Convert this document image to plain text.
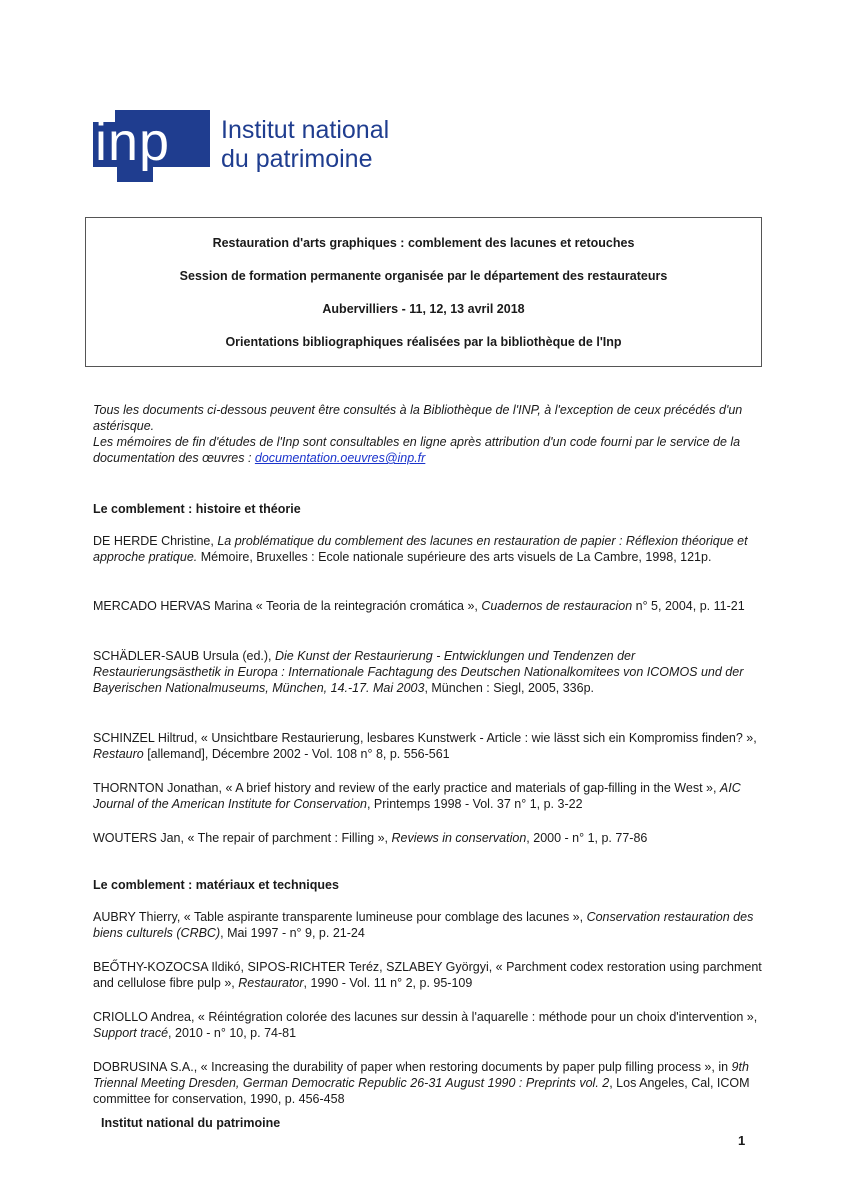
inp	Institut national
du patrimoine
Restauration d'arts graphiques : comblement des lacunes et retouches
Session de formation permanente organisée par le département des restaurateurs
Aubervilliers - 11, 12, 13 avril 2018
Orientations bibliographiques réalisées par la bibliothèque de l'Inp
Tous les documents ci-dessous peuvent être consultés à la Bibliothèque de l'INP, à l'exception de ceux précédés d'un astérisque.
Les mémoires de fin d'études de l'Inp sont consultables en ligne après attribution d'un code fourni par le service de la documentation des œuvres : documentation.oeuvres@inp.fr
Le comblement : histoire et théorie
DE HERDE Christine, La problématique du comblement des lacunes en restauration de papier : Réflexion théorique et approche pratique. Mémoire, Bruxelles : Ecole nationale supérieure des arts visuels de La Cambre, 1998, 121p.
MERCADO HERVAS Marina « Teoria de la reintegración cromática », Cuadernos de restauracion n° 5, 2004, p. 11-21
SCHÄDLER-SAUB Ursula (ed.), Die Kunst der Restaurierung - Entwicklungen und Tendenzen der Restaurierungsästhetik in Europa : Internationale Fachtagung des Deutschen Nationalkomitees von ICOMOS und der Bayerischen Nationalmuseums, München, 14.-17. Mai 2003, München : Siegl, 2005, 336p.
SCHINZEL Hiltrud, « Unsichtbare Restaurierung, lesbares Kunstwerk - Article : wie lässt sich ein Kompromiss finden? », Restauro [allemand], Décembre 2002 - Vol. 108 n° 8, p. 556-561
THORNTON Jonathan, « A brief history and review of the early practice and materials of gap-filling in the West », AIC Journal of the American Institute for Conservation, Printemps 1998 - Vol. 37 n° 1, p. 3-22
WOUTERS Jan, « The repair of parchment : Filling », Reviews in conservation, 2000 - n° 1, p. 77-86
Le comblement : matériaux et techniques
AUBRY Thierry, « Table aspirante transparente lumineuse pour comblage des lacunes », Conservation restauration des biens culturels (CRBC), Mai 1997 - n° 9, p. 21-24
BEŐTHY-KOZOCSA Ildikó, SIPOS-RICHTER Teréz, SZLABEY Györgyi, « Parchment codex restoration using parchment and cellulose fibre pulp », Restaurator, 1990 - Vol. 11 n° 2, p. 95-109
CRIOLLO Andrea, « Réintégration colorée des lacunes sur dessin à l'aquarelle : méthode pour un choix d'intervention », Support tracé, 2010 - n° 10, p. 74-81
DOBRUSINA S.A., « Increasing the durability of paper when restoring documents by paper pulp filling process », in 9th Triennal Meeting Dresden, German Democratic Republic 26-31 August 1990 : Preprints vol. 2, Los Angeles, Cal, ICOM committee for conservation, 1990, p. 456-458
Institut national du patrimoine
1
